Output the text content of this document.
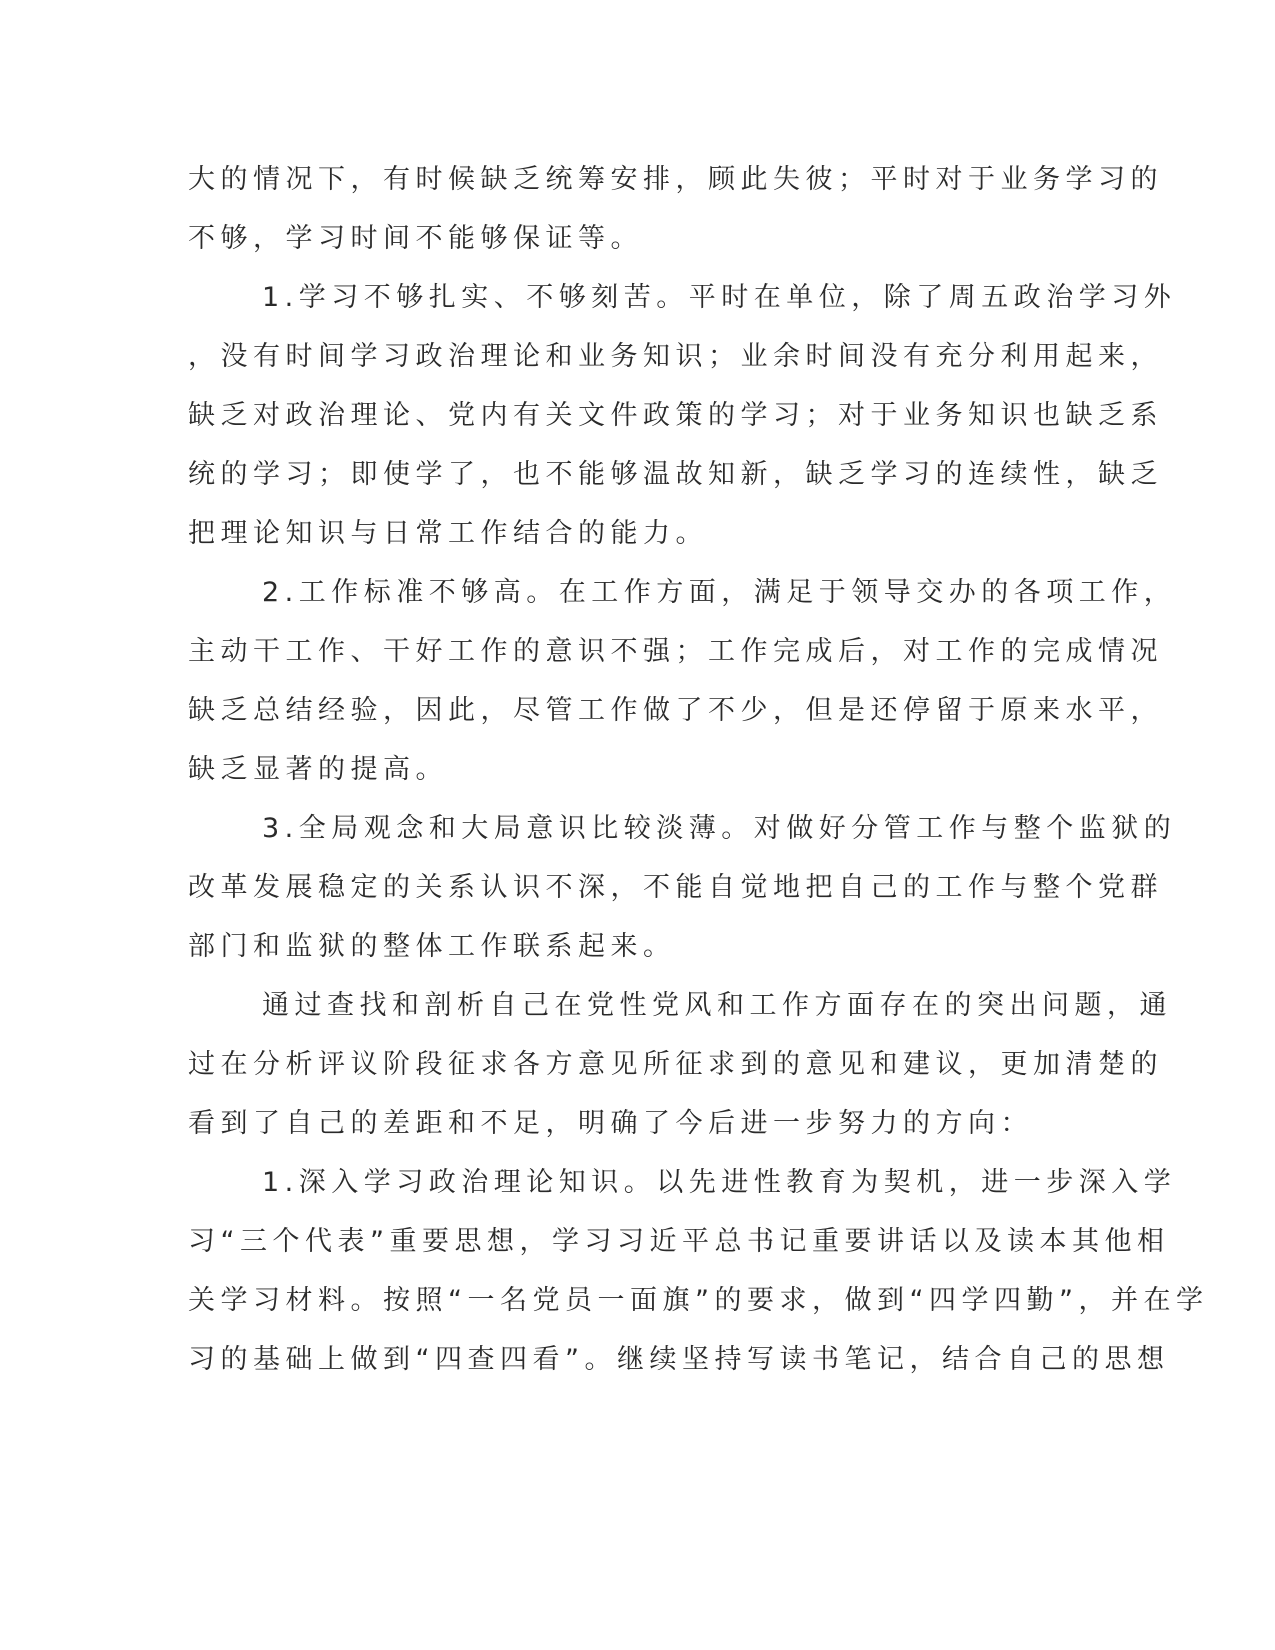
大的情况下，有时候缺乏统筹安排，顾此失彼；平时对于业务学习的
不够，学习时间不能够保证等。
1.学习不够扎实、不够刻苦。平时在单位，除了周五政治学习外
，没有时间学习政治理论和业务知识；业余时间没有充分利用起来，
缺乏对政治理论、党内有关文件政策的学习；对于业务知识也缺乏系
统的学习；即使学了，也不能够温故知新，缺乏学习的连续性，缺乏
把理论知识与日常工作结合的能力。
2.工作标准不够高。在工作方面，满足于领导交办的各项工作，
主动干工作、干好工作的意识不强；工作完成后，对工作的完成情况
缺乏总结经验，因此，尽管工作做了不少，但是还停留于原来水平，
缺乏显著的提高。
3.全局观念和大局意识比较淡薄。对做好分管工作与整个监狱的
改革发展稳定的关系认识不深，不能自觉地把自己的工作与整个党群
部门和监狱的整体工作联系起来。
通过查找和剖析自己在党性党风和工作方面存在的突出问题，通
过在分析评议阶段征求各方意见所征求到的意见和建议，更加清楚的
看到了自己的差距和不足，明确了今后进一步努力的方向：
1.深入学习政治理论知识。以先进性教育为契机，进一步深入学
习“三个代表”重要思想，学习习近平总书记重要讲话以及读本其他相
关学习材料。按照“一名党员一面旗”的要求，做到“四学四勤”，并在学
习的基础上做到“四查四看”。继续坚持写读书笔记，结合自己的思想
